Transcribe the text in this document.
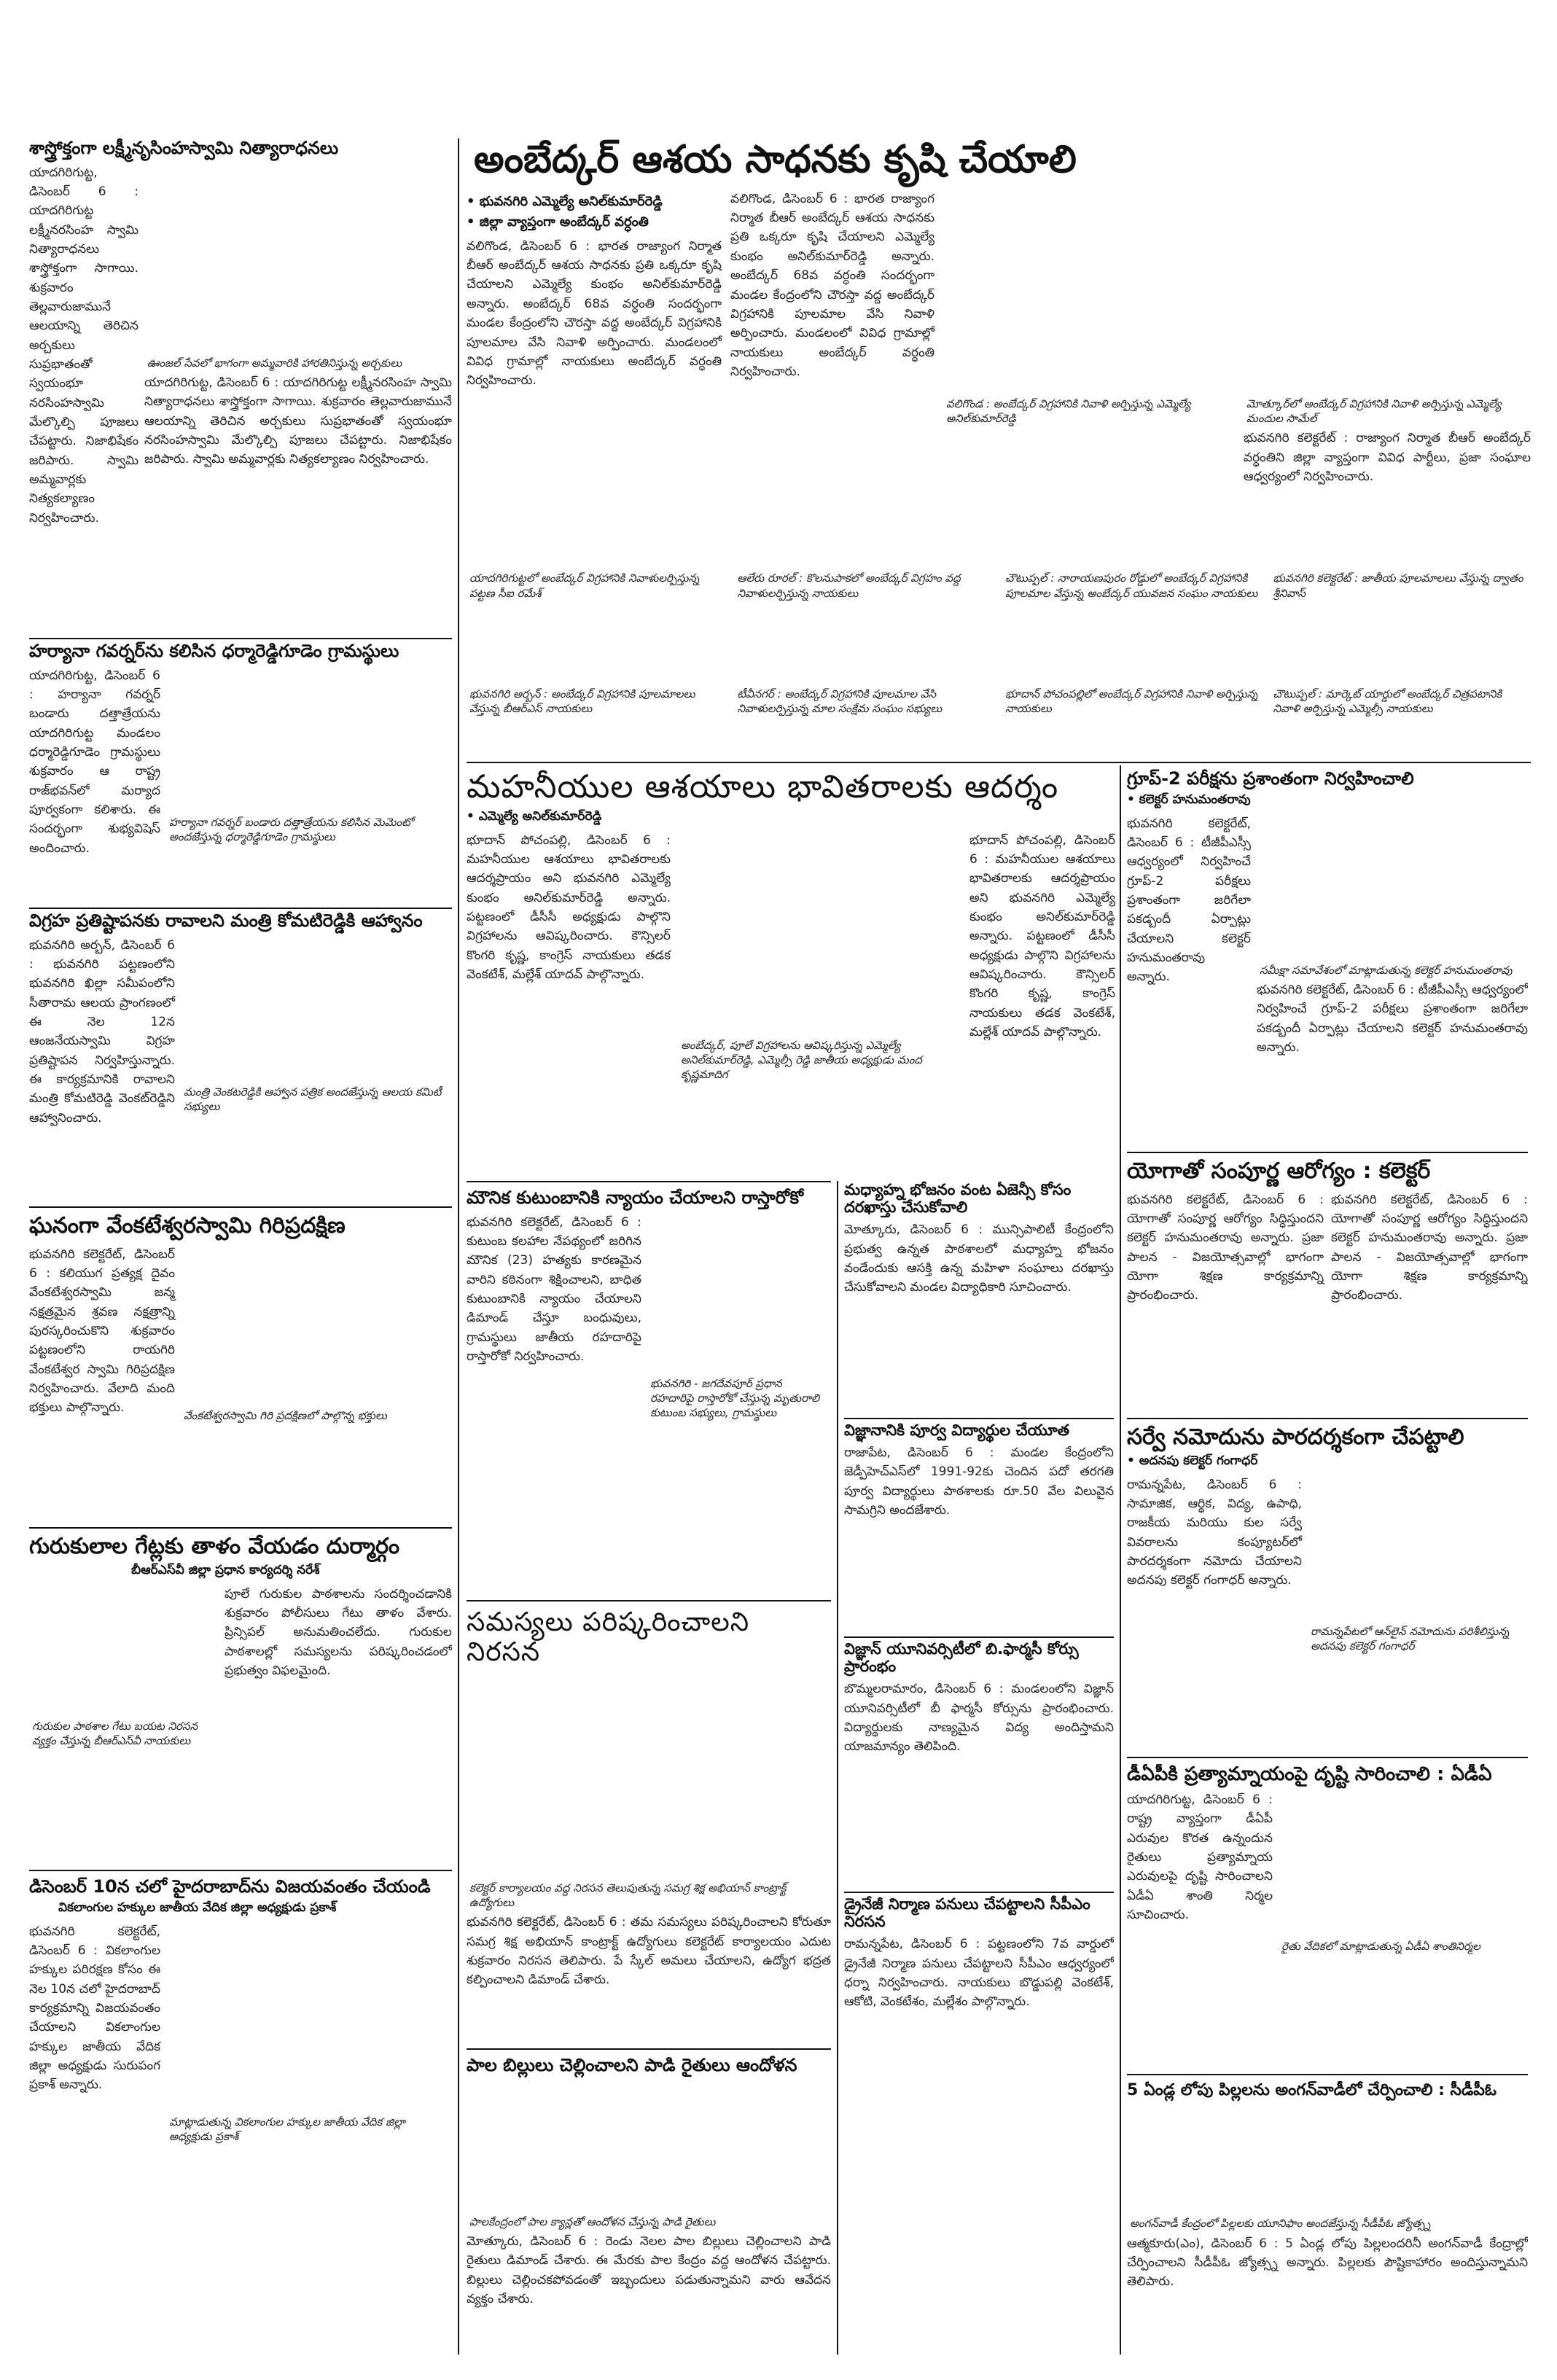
శాస్త్రోక్తంగా లక్ష్మీనృసింహస్వామి నిత్యారాధనలు
యాదగిరిగుట్ట, డిసెంబర్ 6 : యాదగిరిగుట్ట లక్ష్మీనరసింహ స్వామి నిత్యారాధనలు శాస్త్రోక్తంగా సాగాయి. శుక్రవారం తెల్లవారుజామునే ఆలయాన్ని తెరిచిన అర్చకులు సుప్రభాతంతో స్వయంభూ నరసింహస్వామి మేల్కొల్పి పూజలు చేపట్టారు. నిజాభిషేకం జరిపారు. స్వామి అమ్మవార్లకు నిత్యకల్యాణం నిర్వహించారు.
ఊంజల్ సేవలో భాగంగా అమ్మవారికి హారతినిస్తున్న అర్చకులు
యాదగిరిగుట్ట, డిసెంబర్ 6 : యాదగిరిగుట్ట లక్ష్మీనరసింహ స్వామి నిత్యారాధనలు శాస్త్రోక్తంగా సాగాయి. శుక్రవారం తెల్లవారుజామునే ఆలయాన్ని తెరిచిన అర్చకులు సుప్రభాతంతో స్వయంభూ నరసింహస్వామి మేల్కొల్పి పూజలు చేపట్టారు. నిజాభిషేకం జరిపారు. స్వామి అమ్మవార్లకు నిత్యకల్యాణం నిర్వహించారు.
హర్యానా గవర్నర్‌ను కలిసిన ధర్మారెడ్డిగూడెం గ్రామస్థులు
యాదగిరిగుట్ట, డిసెంబర్ 6 : హర్యానా గవర్నర్ బండారు దత్తాత్రేయను యాదగిరిగుట్ట మండలం ధర్మారెడ్డిగూడెం గ్రామస్థులు శుక్రవారం ఆ రాష్ట్ర రాజ్‌భవన్‌లో మర్యాద పూర్వకంగా కలిశారు. ఈ సందర్భంగా శుభ్యవిషెస్ అందించారు.
హర్యానా గవర్నర్ బండారు దత్తాత్రేయను కలిసిన మెమెంటో అందజేస్తున్న ధర్మారెడ్డిగూడెం గ్రామస్థులు
విగ్రహ ప్రతిష్టాపనకు రావాలని మంత్రి కోమటిరెడ్డికి ఆహ్వానం
భువనగిరి అర్బన్, డిసెంబర్ 6 : భువనగిరి పట్టణంలోని భువనగిరి ఖిల్లా సమీపంలోని సీతారామ ఆలయ ప్రాంగణంలో ఈ నెల 12న ఆంజనేయస్వామి విగ్రహ ప్రతిష్టాపన నిర్వహిస్తున్నారు. ఈ కార్యక్రమానికి రావాలని మంత్రి కోమటిరెడ్డి వెంకట్‌రెడ్డిని ఆహ్వానించారు.
మంత్రి వెంకటరెడ్డికి ఆహ్వాన పత్రిక అందజేస్తున్న ఆలయ కమిటీ సభ్యులు
ఘనంగా వేంకటేశ్వరస్వామి గిరిప్రదక్షిణ
భువనగిరి కలెక్టరేట్, డిసెంబర్ 6 : కలియుగ ప్రత్యక్ష దైవం వేంకటేశ్వరస్వామి జన్మ నక్షత్రమైన శ్రవణ నక్షత్రాన్ని పురస్కరించుకొని శుక్రవారం పట్టణంలోని రాయగిరి వేంకటేశ్వర స్వామి గిరిప్రదక్షిణ నిర్వహించారు. వేలాది మంది భక్తులు పాల్గొన్నారు.
వేంకటేశ్వరస్వామి గిరి ప్రదక్షిణలో పాల్గొన్న భక్తులు
గురుకులాల గేట్లకు తాళం వేయడం దుర్మార్గం
బీఆర్‌ఎస్‌వీ జిల్లా ప్రధాన కార్యదర్శి నరేశ్
గురుకుల పాఠశాల గేటు బయట నిరసన వ్యక్తం చేస్తున్న బీఆర్‌ఎస్‌వీ నాయకులు
పూలే గురుకుల పాఠశాలను సందర్శించడానికి శుక్రవారం పోలీసులు గేటు తాళం వేశారు. ప్రిన్సిపల్ అనుమతించలేదు. గురుకుల పాఠశాలల్లో సమస్యలను పరిష్కరించడంలో ప్రభుత్వం విఫలమైంది.
డిసెంబర్ 10న చలో హైదరాబాద్‌ను విజయవంతం చేయండి
వికలాంగుల హక్కుల జాతీయ వేదిక జిల్లా అధ్యక్షుడు ప్రకాశ్
భువనగిరి కలెక్టరేట్, డిసెంబర్ 6 : వికలాంగుల హక్కుల పరిరక్షణ కోసం ఈ నెల 10న చలో హైదరాబాద్ కార్యక్రమాన్ని విజయవంతం చేయాలని వికలాంగుల హక్కుల జాతీయ వేదిక జిల్లా అధ్యక్షుడు సురుపంగ ప్రకాశ్ అన్నారు.
మాట్లాడుతున్న వికలాంగుల హక్కుల జాతీయ వేదిక జిల్లా అధ్యక్షుడు ప్రకాశ్
అంబేద్కర్ ఆశయ సాధనకు కృషి చేయాలి
• భువనగిరి ఎమ్మెల్యే అనిల్‌కుమార్‌రెడ్డి
• జిల్లా వ్యాప్తంగా అంబేద్కర్ వర్ధంతి
వలిగొండ, డిసెంబర్ 6 : భారత రాజ్యాంగ నిర్మాత బీఆర్ అంబేద్కర్ ఆశయ సాధనకు ప్రతి ఒక్కరూ కృషి చేయాలని ఎమ్మెల్యే కుంభం అనిల్‌కుమార్‌రెడ్డి అన్నారు. అంబేద్కర్ 68వ వర్ధంతి సందర్భంగా మండల కేంద్రంలోని చౌరస్తా వద్ద అంబేద్కర్ విగ్రహానికి పూలమాల వేసి నివాళి అర్పించారు. మండలంలో వివిధ గ్రామాల్లో నాయకులు అంబేద్కర్ వర్ధంతి నిర్వహించారు.
వలిగొండ, డిసెంబర్ 6 : భారత రాజ్యాంగ నిర్మాత బీఆర్ అంబేద్కర్ ఆశయ సాధనకు ప్రతి ఒక్కరూ కృషి చేయాలని ఎమ్మెల్యే కుంభం అనిల్‌కుమార్‌రెడ్డి అన్నారు. అంబేద్కర్ 68వ వర్ధంతి సందర్భంగా మండల కేంద్రంలోని చౌరస్తా వద్ద అంబేద్కర్ విగ్రహానికి పూలమాల వేసి నివాళి అర్పించారు. మండలంలో వివిధ గ్రామాల్లో నాయకులు అంబేద్కర్ వర్ధంతి నిర్వహించారు.
వలిగొండ : అంబేద్కర్ విగ్రహానికి నివాళి అర్పిస్తున్న ఎమ్మెల్యే అనిల్‌కుమార్‌రెడ్డి
మోత్కూర్‌లో అంబేద్కర్ విగ్రహానికి నివాళి అర్పిస్తున్న ఎమ్మెల్యే మందుల సామేల్
భువనగిరి కలెక్టరేట్ : రాజ్యాంగ నిర్మాత బీఆర్ అంబేద్కర్ వర్ధంతిని జిల్లా వ్యాప్తంగా వివిధ పార్టీలు, ప్రజా సంఘాల ఆధ్వర్యంలో నిర్వహించారు.
యాదగిరిగుట్టలో అంబేద్కర్ విగ్రహానికి నివాళులర్పిస్తున్న పట్టణ సీఐ రమేశ్
ఆలేరు రూరల్ : కొలనుపాకలో అంబేద్కర్ విగ్రహం వద్ద నివాళులర్పిస్తున్న నాయకులు
చౌటుప్పల్ : నారాయణపురం రోడ్డులో అంబేద్కర్ విగ్రహానికి పూలమాల వేస్తున్న అంబేద్కర్ యువజన సంఘం నాయకులు
భువనగిరి కలెక్టరేట్ : జాతీయ పూలమాలలు వేస్తున్న ద్వాతం శ్రీనివాస్
భువనగిరి అర్బన్ : అంబేద్కర్ విగ్రహానికి పూలమాలలు వేస్తున్న బీఆర్‌ఎస్ నాయకులు
టీవీనగర్ : అంబేద్కర్ విగ్రహానికి పూలమాల వేసి నివాళులర్పిస్తున్న మాల సంక్షేమ సంఘం సభ్యులు
భూదాన్ పోచంపల్లిలో అంబేద్కర్ విగ్రహానికి నివాళి అర్పిస్తున్న నాయకులు
చౌటుప్పల్ : మార్కెట్ యార్డులో అంబేద్కర్ చిత్రపటానికి నివాళి అర్పిస్తున్న ఎమ్మెల్సీ నాయకులు
మహనీయుల ఆశయాలు భావితరాలకు ఆదర్శం
• ఎమ్మెల్యే అనిల్‌కుమార్‌రెడ్డి
భూదాన్ పోచంపల్లి, డిసెంబర్ 6 : మహనీయుల ఆశయాలు భావితరాలకు ఆదర్శప్రాయం అని భువనగిరి ఎమ్మెల్యే కుంభం అనిల్‌కుమార్‌రెడ్డి అన్నారు. పట్టణంలో డీసీసీ అధ్యక్షుడు పాల్గొని విగ్రహాలను ఆవిష్కరించారు. కౌన్సిలర్ కొంగరి కృష్ణ, కాంగ్రెస్ నాయకులు తడక వెంకటేశ్, మల్లేశ్ యాదవ్ పాల్గొన్నారు.
అంబేద్కర్, పూలే విగ్రహాలను ఆవిష్కరిస్తున్న ఎమ్మెల్యే అనిల్‌కుమార్‌రెడ్డి, ఎమ్మెల్సీ రెడ్డి జాతీయ అధ్యక్షుడు మంద కృష్ణమాదిగ
భూదాన్ పోచంపల్లి, డిసెంబర్ 6 : మహనీయుల ఆశయాలు భావితరాలకు ఆదర్శప్రాయం అని భువనగిరి ఎమ్మెల్యే కుంభం అనిల్‌కుమార్‌రెడ్డి అన్నారు. పట్టణంలో డీసీసీ అధ్యక్షుడు పాల్గొని విగ్రహాలను ఆవిష్కరించారు. కౌన్సిలర్ కొంగరి కృష్ణ, కాంగ్రెస్ నాయకులు తడక వెంకటేశ్, మల్లేశ్ యాదవ్ పాల్గొన్నారు.
మౌనిక కుటుంబానికి న్యాయం చేయాలని రాస్తారోకో
భువనగిరి కలెక్టరేట్, డిసెంబర్ 6 : కుటుంబ కలహాల నేపథ్యంలో జరిగిన మౌనిక (23) హత్యకు కారణమైన వారిని కఠినంగా శిక్షించాలని, బాధిత కుటుంబానికి న్యాయం చేయాలని డిమాండ్ చేస్తూ బంధువులు, గ్రామస్థులు జాతీయ రహదారిపై రాస్తారోకో నిర్వహించారు.
భువనగిరి - జగదేవపూర్ ప్రధాన రహదారిపై రాస్తారోకో చేస్తున్న మృతురాలి కుటుంబ సభ్యులు, గ్రామస్థులు
సమస్యలు పరిష్కరించాలని నిరసన
కలెక్టర్ కార్యాలయం వద్ద నిరసన తెలుపుతున్న సమగ్ర శిక్ష అభియాన్ కాంట్రాక్ట్ ఉద్యోగులు
భువనగిరి కలెక్టరేట్, డిసెంబర్ 6 : తమ సమస్యలు పరిష్కరించాలని కోరుతూ సమగ్ర శిక్ష అభియాన్ కాంట్రాక్ట్ ఉద్యోగులు కలెక్టరేట్ కార్యాలయం ఎదుట శుక్రవారం నిరసన తెలిపారు. పే స్కేల్ అమలు చేయాలని, ఉద్యోగ భద్రత కల్పించాలని డిమాండ్ చేశారు.
పాల బిల్లులు చెల్లించాలని పాడి రైతులు ఆందోళన
పాలకేంద్రంలో పాల క్యాన్లతో ఆందోళన చేస్తున్న పాడి రైతులు
మోత్కూరు, డిసెంబర్ 6 : రెండు నెలల పాల బిల్లులు చెల్లించాలని పాడి రైతులు డిమాండ్ చేశారు. ఈ మేరకు పాల కేంద్రం వద్ద ఆందోళన చేపట్టారు. బిల్లులు చెల్లించకపోవడంతో ఇబ్బందులు పడుతున్నామని వారు ఆవేదన వ్యక్తం చేశారు.
మధ్యాహ్న భోజనం వంట ఏజెన్సీ కోసం దరఖాస్తు చేసుకోవాలి
మోత్కూరు, డిసెంబర్ 6 : మున్సిపాలిటీ కేంద్రంలోని ప్రభుత్వ ఉన్నత పాఠశాలలో మధ్యాహ్న భోజనం వండేందుకు ఆసక్తి ఉన్న మహిళా సంఘాలు దరఖాస్తు చేసుకోవాలని మండల విద్యాధికారి సూచించారు.
విజ్ఞానానికి పూర్వ విద్యార్థుల చేయూత
రాజాపేట, డిసెంబర్ 6 : మండల కేంద్రంలోని జెడ్పీహెచ్‌ఎస్‌లో 1991-92కు చెందిన పదో తరగతి పూర్వ విద్యార్థులు పాఠశాలకు రూ.50 వేల విలువైన సామగ్రిని అందజేశారు.
విజ్ఞాన్ యూనివర్సిటీలో బి.ఫార్మసీ కోర్సు ప్రారంభం
బొమ్మలరామారం, డిసెంబర్ 6 : మండలంలోని విజ్ఞాన్ యూనివర్సిటీలో బీ ఫార్మసీ కోర్సును ప్రారంభించారు. విద్యార్థులకు నాణ్యమైన విద్య అందిస్తామని యాజమాన్యం తెలిపింది.
డ్రైనేజీ నిర్మాణ పనులు చేపట్టాలని సీపీఎం నిరసన
రామన్నపేట, డిసెంబర్ 6 : పట్టణంలోని 7వ వార్డులో డ్రైనేజీ నిర్మాణ పనులు చేపట్టాలని సీపీఎం ఆధ్వర్యంలో ధర్నా నిర్వహించారు. నాయకులు బొడ్డుపల్లి వెంకటేశ్, ఆకోటి, వెంకటేశం, మల్లేశం పాల్గొన్నారు.
గ్రూప్-2 పరీక్షను ప్రశాంతంగా నిర్వహించాలి
• కలెక్టర్ హనుమంతరావు
భువనగిరి కలెక్టరేట్, డిసెంబర్ 6 : టీజీపీఎస్సీ ఆధ్వర్యంలో నిర్వహించే గ్రూప్-2 పరీక్షలు ప్రశాంతంగా జరిగేలా పకడ్బందీ ఏర్పాట్లు చేయాలని కలెక్టర్ హనుమంతరావు అన్నారు.	సమీక్షా సమావేశంలో మాట్లాడుతున్న కలెక్టర్ హనుమంతరావు
భువనగిరి కలెక్టరేట్, డిసెంబర్ 6 : టీజీపీఎస్సీ ఆధ్వర్యంలో నిర్వహించే గ్రూప్-2 పరీక్షలు ప్రశాంతంగా జరిగేలా పకడ్బందీ ఏర్పాట్లు చేయాలని కలెక్టర్ హనుమంతరావు అన్నారు.
యోగాతో సంపూర్ణ ఆరోగ్యం : కలెక్టర్
భువనగిరి కలెక్టరేట్, డిసెంబర్ 6 : యోగాతో సంపూర్ణ ఆరోగ్యం సిద్ధిస్తుందని కలెక్టర్ హనుమంతరావు అన్నారు. ప్రజా పాలన - విజయోత్సవాల్లో భాగంగా యోగా శిక్షణ కార్యక్రమాన్ని ప్రారంభించారు.
భువనగిరి కలెక్టరేట్, డిసెంబర్ 6 : యోగాతో సంపూర్ణ ఆరోగ్యం సిద్ధిస్తుందని కలెక్టర్ హనుమంతరావు అన్నారు. ప్రజా పాలన - విజయోత్సవాల్లో భాగంగా యోగా శిక్షణ కార్యక్రమాన్ని ప్రారంభించారు.
సర్వే నమోదును పారదర్శకంగా చేపట్టాలి
• అదనపు కలెక్టర్ గంగాధర్
రామన్నపేట, డిసెంబర్ 6 : సామాజిక, ఆర్థిక, విద్య, ఉపాధి, రాజకీయ మరియు కుల సర్వే వివరాలను కంప్యూటర్‌లో పారదర్శకంగా నమోదు చేయాలని అదనపు కలెక్టర్ గంగాధర్ అన్నారు.
రామన్నపేటలో ఆన్‌లైన్ నమోదును పరిశీలిస్తున్న అదనపు కలెక్టర్ గంగాధర్
డీఏపీకి ప్రత్యామ్నాయంపై దృష్టి సారించాలి : ఏడీఏ
యాదగిరిగుట్ట, డిసెంబర్ 6 : రాష్ట్ర వ్యాప్తంగా డీఏపీ ఎరువుల కొరత ఉన్నందున రైతులు ప్రత్యామ్నాయ ఎరువులపై దృష్టి సారించాలని ఏడీఏ శాంతి నిర్మల సూచించారు.
రైతు వేదికలో మాట్లాడుతున్న ఏడీఏ శాంతినిర్మల
5 ఏండ్ల లోపు పిల్లలను అంగన్‌వాడీలో చేర్పించాలి : సీడీపీఓ
అంగన్‌వాడీ కేంద్రంలో పిల్లలకు యూనిఫాం అందజేస్తున్న సీడీపీఓ జ్యోత్స్న
ఆత్మకూరు(ఎం), డిసెంబర్ 6 : 5 ఏండ్ల లోపు పిల్లలందరినీ అంగన్‌వాడీ కేంద్రాల్లో చేర్పించాలని సీడీపీఓ జ్యోత్స్న అన్నారు. పిల్లలకు పౌష్టికాహారం అందిస్తున్నామని తెలిపారు.
